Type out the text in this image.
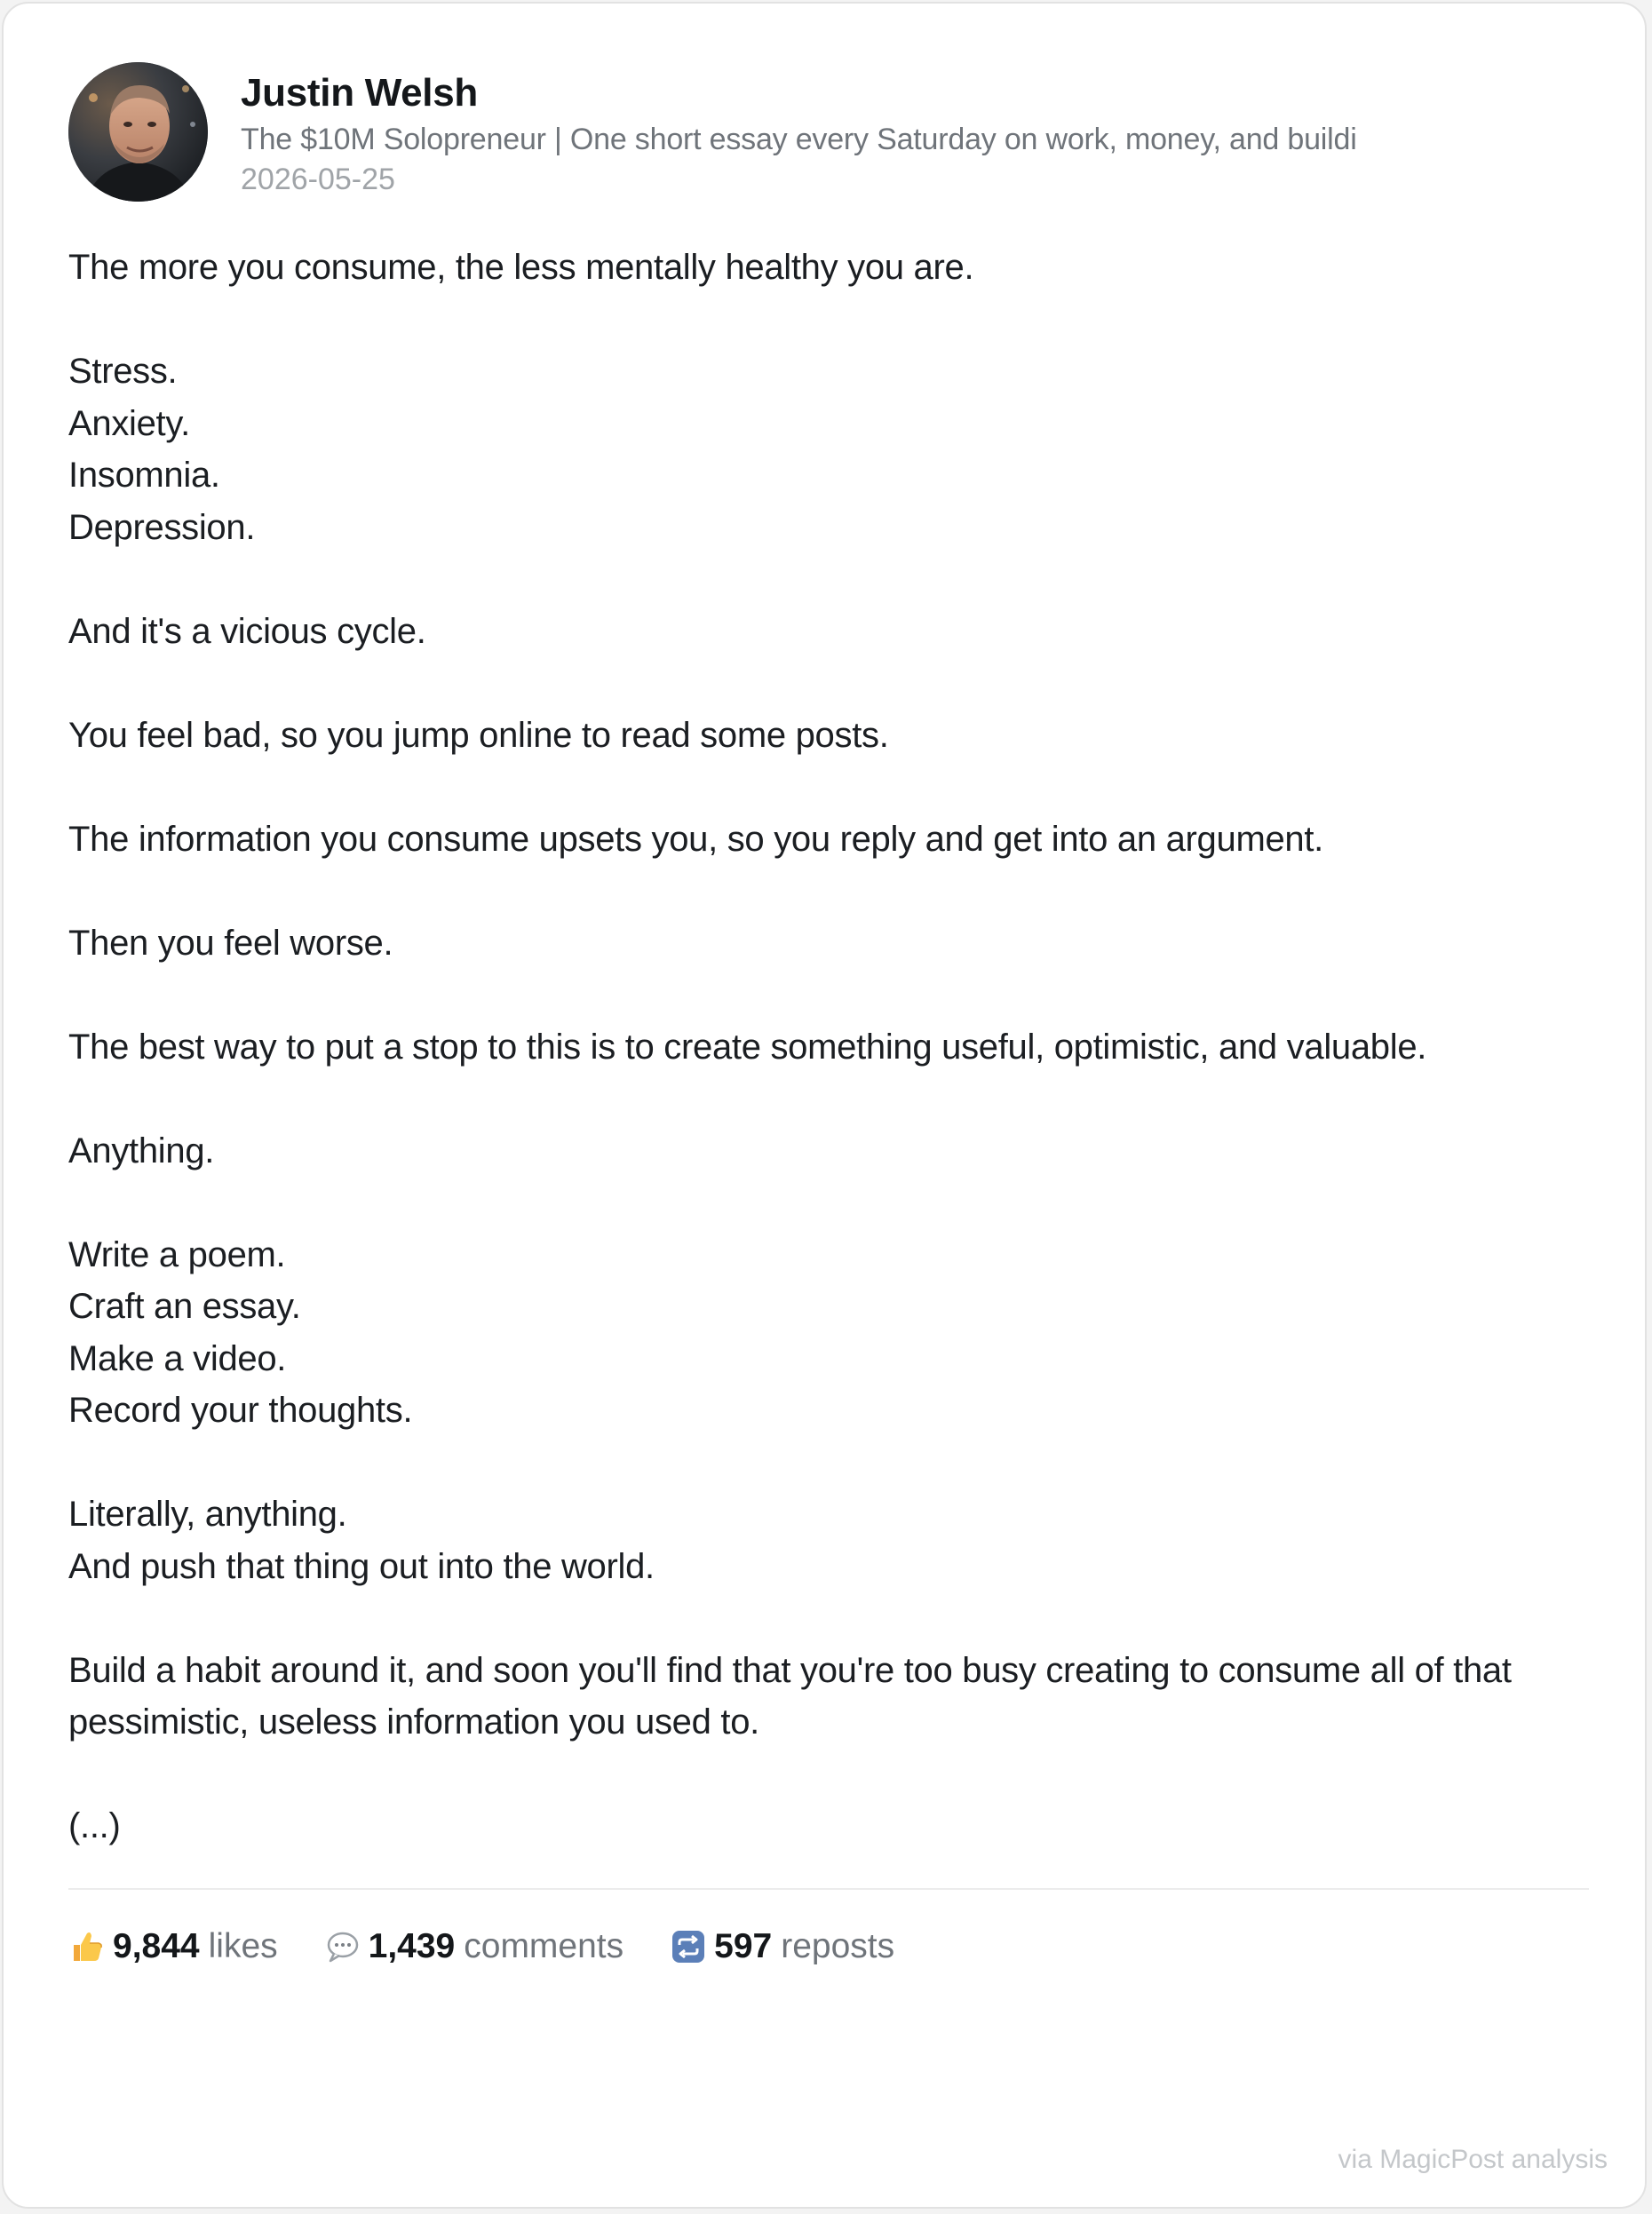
Justin Welsh
The $10M Solopreneur | One short essay every Saturday on work, money, and buildi
2026-05-25

The more you consume, the less mentally healthy you are.

Stress.
Anxiety.
Insomnia.
Depression.

And it's a vicious cycle.

You feel bad, so you jump online to read some posts.

The information you consume upsets you, so you reply and get into an argument.

Then you feel worse.

The best way to put a stop to this is to create something useful, optimistic, and valuable.

Anything.

Write a poem.
Craft an essay.
Make a video.
Record your thoughts.

Literally, anything.
And push that thing out into the world.

Build a habit around it, and soon you'll find that you're too busy creating to consume all of that pessimistic, useless information you used to.

(...)

9,844 likes	1,439 comments	597 reposts
via MagicPost analysis
